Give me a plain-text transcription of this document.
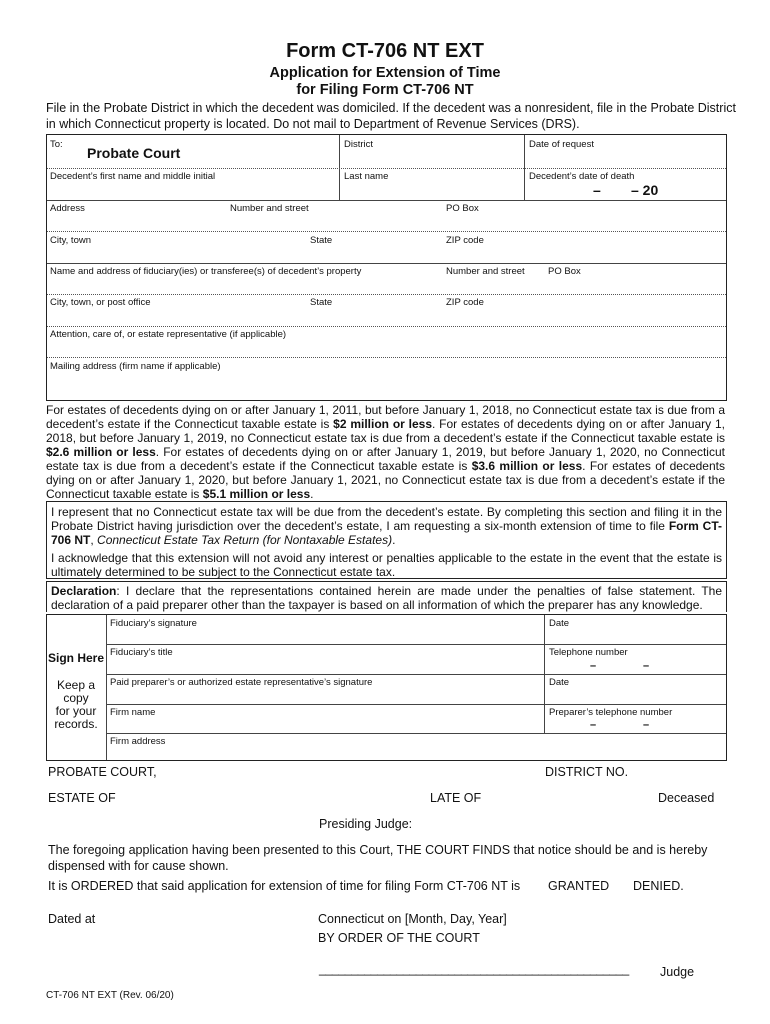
Form CT-706 NT EXT
Application for Extension of Time
for Filing Form CT-706 NT
File in the Probate District in which the decedent was domiciled. If the decedent was a nonresident, file in the Probate District in which Connecticut property is located. Do not mail to Department of Revenue Services (DRS).
To:
Probate Court
District	Date of request
Decedent’s first name and middle initial	Last name	Decedent’s date of death
– – 20
Address	Number and street	PO Box
City, town	State	ZIP code
Name and address of fiduciary(ies) or transferee(s) of decedent’s property	Number and street PO Box
City, town, or post office	State	ZIP code
Attention, care of, or estate representative (if applicable)
Mailing address (firm name if applicable)
For estates of decedents dying on or after January 1, 2011, but before January 1, 2018, no Connecticut estate tax is due from a decedent’s estate if the Connecticut taxable estate is $2 million or less. For estates of decedents dying on or after January 1, 2018, but before January 1, 2019, no Connecticut estate tax is due from a decedent’s estate if the Connecticut taxable estate is $2.6 million or less. For estates of decedents dying on or after January 1, 2019, but before January 1, 2020, no Connecticut estate tax is due from a decedent’s estate if the Connecticut taxable estate is $3.6 million or less. For estates of decedents dying on or after January 1, 2020, but before January 1, 2021, no Connecticut estate tax is due from a decedent’s estate if the Connecticut taxable estate is $5.1 million or less.
I represent that no Connecticut estate tax will be due from the decedent’s estate. By completing this section and filing it in the Probate District having jurisdiction over the decedent’s estate, I am requesting a six-month extension of time to file Form CT-706 NT, Connecticut Estate Tax Return (for Nontaxable Estates).
I acknowledge that this extension will not avoid any interest or penalties applicable to the estate in the event that the estate is ultimately determined to be subject to the Connecticut estate tax.
Declaration: I declare that the representations contained herein are made under the penalties of false statement. The declaration of a paid preparer other than the taxpayer is based on all information of which the preparer has any knowledge.
Sign Here
Keep a
copy
for your
records.
Fiduciary’s signature	Date
Fiduciary’s title	Telephone number
–	–
Paid preparer’s or authorized estate representative’s signature	Date
Firm name	Preparer’s telephone number
–	–
Firm address
PROBATE COURT,	DISTRICT NO.
ESTATE OF	LATE OF	Deceased
Presiding Judge:
The foregoing application having been presented to this Court, THE COURT FINDS that notice should be and is hereby dispensed with for cause shown.
It is ORDERED that said application for extension of time for filing Form CT-706 NT is GRANTED DENIED.
Dated at	Connecticut on [Month, Day, Year]
BY ORDER OF THE COURT
________________________________________________	Judge
CT-706 NT EXT (Rev. 06/20)
